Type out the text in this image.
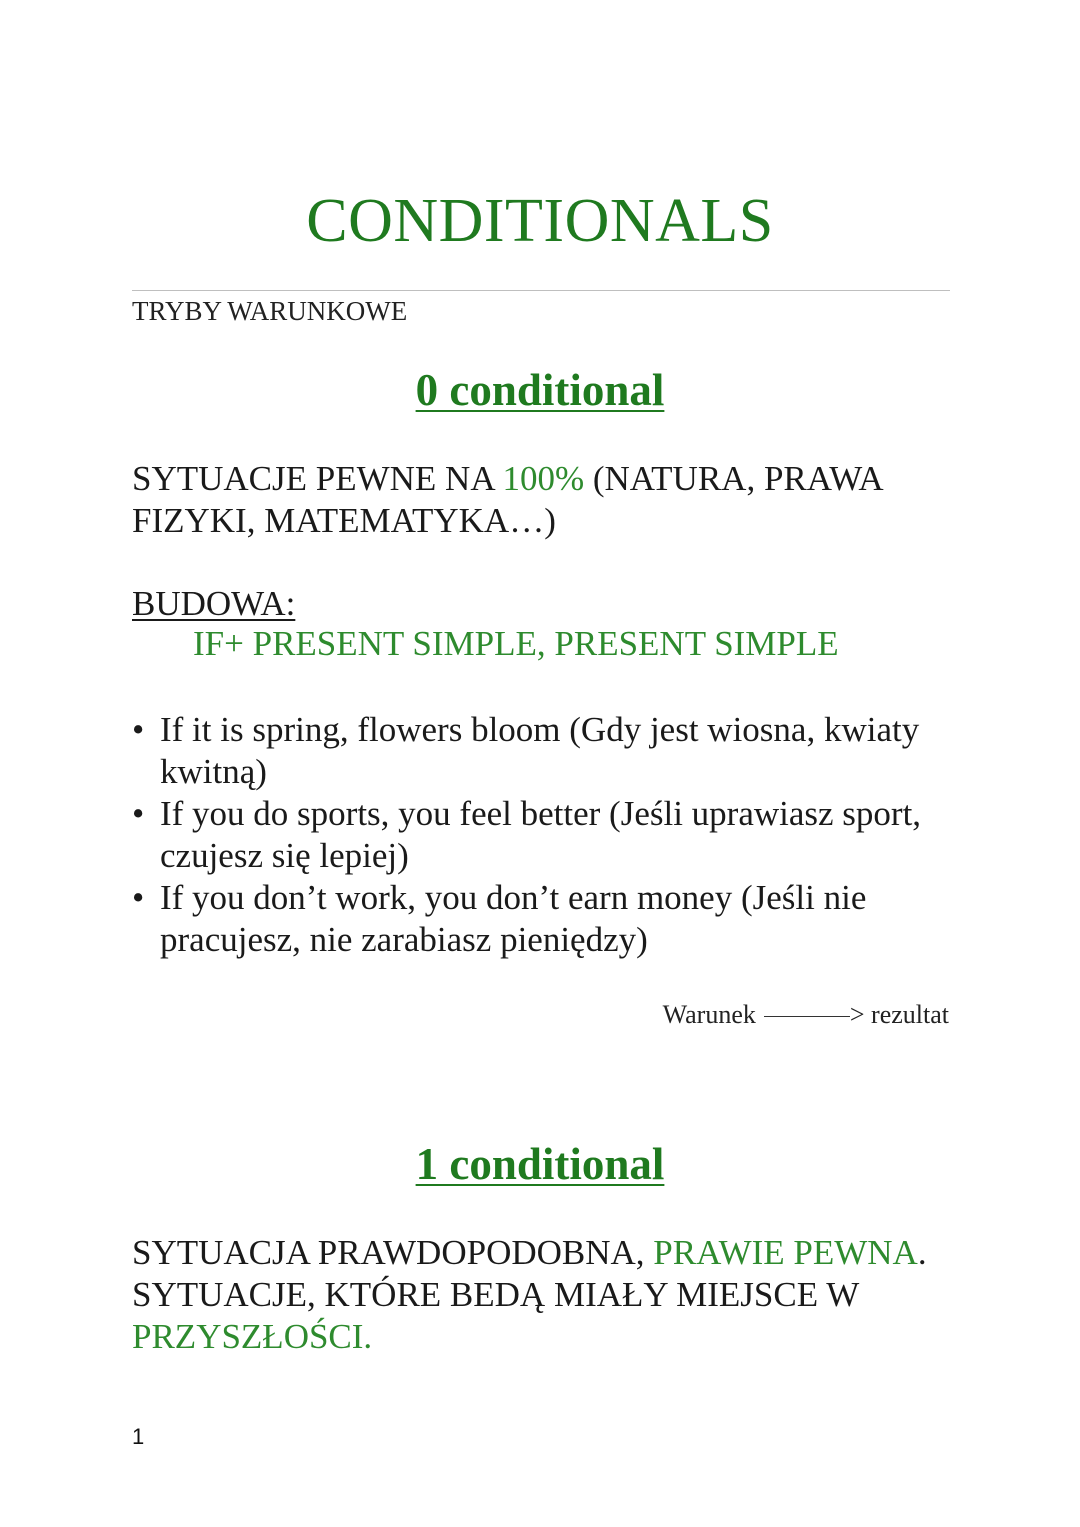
CONDITIONALS
TRYBY WARUNKOWE
0 conditional
SYTUACJE PEWNE NA 100% (NATURA, PRAWA FIZYKI, MATEMATYKA…)
BUDOWA:
IF+ PRESENT SIMPLE, PRESENT SIMPLE
• If it is spring, flowers bloom (Gdy jest wiosna, kwiaty kwitną)
• If you do sports, you feel better (Jeśli uprawiasz sport, czujesz się lepiej)
• If you don’t work, you don’t earn money (Jeśli nie pracujesz, nie zarabiasz pieniędzy)
Warunek	> rezultat
1 conditional
SYTUACJA PRAWDOPODOBNA, PRAWIE PEWNA. SYTUACJE, KTÓRE BEDĄ MIAŁY MIEJSCE W PRZYSZŁOŚCI.
1
